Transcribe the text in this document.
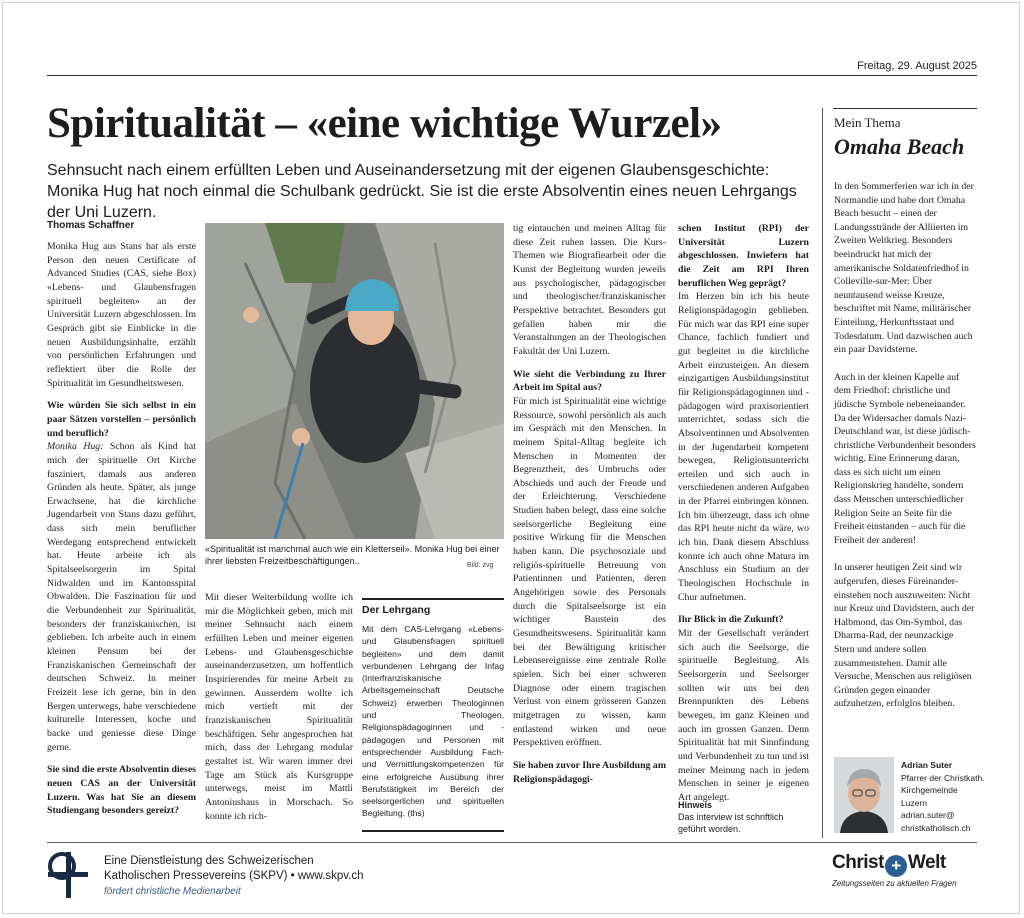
Freitag, 29. August 2025
Spiritualität – «eine wichtige Wurzel»

Sehnsucht nach einem erfüllten Leben und Auseinandersetzung mit der eigenen Glaubensgeschichte: Monika Hug hat noch einmal die Schulbank gedrückt. Sie ist die erste Absolventin eines neuen Lehrgangs der Uni Luzern.

Thomas Schaffner

Monika Hug aus Stans hat als erste Person den neuen Certificate of Advanced Studies (CAS, siehe Box) «Lebens- und Glaubensfragen spirituell begleiten» an der Universität Luzern abgeschlossen. Im Gespräch gibt sie Einblicke in die neuen Ausbildungsinhalte, erzählt von persönlichen Erfahrungen und reflektiert über die Rolle der Spiritualität im Gesundheitswesen.

Wie würden Sie sich selbst in ein paar Sätzen vorstellen – persönlich und beruflich?

Monika Hug: Schon als Kind hat mich der spirituelle Ort Kirche fasziniert, damals aus anderen Gründen als heute. Später, als junge Erwachsene, hat die kirchliche Jugendarbeit von Stans dazu geführt, dass sich mein beruflicher Werdegang entsprechend entwickelt hat. Heute arbeite ich als Spitalseelsorgerin im Spital Nidwalden und im Kantonsspital Obwalden. Die Faszination für und die Verbundenheit zur Spiritualität, besonders der franziskanischen, ist geblieben. Ich arbeite auch in einem kleinen Pensum bei der Franziskanischen Gemeinschaft der deutschen Schweiz. In meiner Freizeit lese ich gerne, bin in den Bergen unterwegs, habe verschiedene kulturelle Interessen, koche und backe und geniesse diese Dinge gerne.

Sie sind die erste Absolventin dieses neuen CAS an der Universität Luzern. Was hat Sie an diesem Studiengang besonders gereizt?

«Spiritualität ist manchmal auch wie ein Kletterseil». Monika Hug bei einer ihrer liebsten Freizeitbeschäftigungen..	Bild: zvg

Mit dieser Weiterbildung wollte ich mir die Möglichkeit geben, mich mit meiner Sehnsucht nach einem erfüllten Leben und meiner eigenen Lebens- und Glaubensgeschichte auseinanderzusetzen, um hoffentlich Inspirierendes für meine Arbeit zu gewinnen. Ausserdem wollte ich mich vertieft mit der franziskanischen Spiritualität beschäftigen. Sehr angesprochen hat mich, dass der Lehrgang modular gestaltet ist. Wir waren immer drei Tage am Stück als Kursgruppe unterwegs, meist im Mattli Antoniushaus in Morschach. So konnte ich rich-

Der Lehrgang

Mit dem CAS-Lehrgang «Lebens- und Glaubensfragen spirituell begleiten» und dem damit verbundenen Lehrgang der Infag (Interfranziskanische Arbeitsgemeinschaft Deutsche Schweiz) erwerben Theologinnen und Theologen, Religionspädagoginnen und -pädagogen und Personen mit entsprechender Ausbildung Fach- und Vermittlungskompetenzen für eine erfolgreiche Ausübung ihrer Berufstätigkeit im Bereich der seelsorgerlichen und spirituellen Begleitung. (ths)

tig eintauchen und meinen Alltag für diese Zeit ruhen lassen. Die Kurs-Themen wie Biografiearbeit oder die Kunst der Begleitung wurden jeweils aus psychologischer, pädagogischer und theologischer/franziskanischer Perspektive betrachtet. Besonders gut gefallen haben mir die Veranstaltungen an der Theologischen Fakultät der Uni Luzern.

Wie sieht die Verbindung zu Ihrer Arbeit im Spital aus?

Für mich ist Spiritualität eine wichtige Ressource, sowohl persönlich als auch im Gespräch mit den Menschen. In meinem Spital-Alltag begleite ich Menschen in Momenten der Begrenztheit, des Umbruchs oder Abschieds und auch der Freude und der Erleichterung. Verschiedene Studien haben belegt, dass eine solche seelsorgerliche Begleitung eine positive Wirkung für die Menschen haben kann. Die psychosoziale und religiös-spirituelle Betreuung von Patientinnen und Patienten, deren Angehörigen sowie des Personals durch die Spitalseelsorge ist ein wichtiger Baustein des Gesundheitswesens. Spiritualität kann bei der Bewältigung kritischer Lebensereignisse eine zentrale Rolle spielen. Sich bei einer schweren Diagnose oder einem tragischen Verlust von einem grösseren Ganzen mitgetragen zu wissen, kann entlastend wirken und neue Perspektiven eröffnen.

Sie haben zuvor Ihre Ausbildung am Religionspädagogi-

schen Institut (RPI) der Universität Luzern abgeschlossen. Inwiefern hat die Zeit am RPI Ihren beruflichen Weg geprägt?

Im Herzen bin ich bis heute Religionspädagogin geblieben. Für mich war das RPI eine super Chance, fachlich fundiert und gut begleitet in die kirchliche Arbeit einzusteigen. An diesem einzigartigen Ausbildungsinstitut für Religionspädagoginnen und -pädagogen wird praxisorientiert unterrichtet, sodass sich die Absolventinnen und Absolventen in der Jugendarbeit kompetent bewegen, Religionsunterricht erteilen und sich auch in verschiedenen anderen Aufgaben in der Pfarrei einbringen können. Ich bin überzeugt, dass ich ohne das RPI heute nicht da wäre, wo ich bin. Dank diesem Abschluss konnte ich auch ohne Matura im Anschluss ein Studium an der Theologischen Hochschule in Chur aufnehmen.

Ihr Blick in die Zukunft?

Mit der Gesellschaft verändert sich auch die Seelsorge, die spirituelle Begleitung. Als Seelsorgerin und Seelsorger sollten wir uns bei den Brennpunkten des Lebens bewegen, im ganz Kleinen und auch im grossen Ganzen. Denn Spiritualität hat mit Sinnfindung und Verbundenheit zu tun und ist meiner Meinung nach in jedem Menschen in seiner je eigenen Art angelegt.

Hinweis
Das interview ist schriftlich geführt worden.
Mein Thema
Omaha Beach

In den Sommerferien war ich in der Normandie und habe dort Omaha Beach besucht – einen der Landungsstrände der Alliierten im Zweiten Weltkrieg. Besonders beeindruckt hat mich der amerikanische Soldatenfriedhof in Colleville-sur-Mer: Über neuntausend weisse Kreuze, beschriftet mit Name, militärischer Einteilung, Herkunftsstaat und Todesdatum. Und dazwischen auch ein paar Davidsterne.

Auch in der kleinen Kapelle auf dem Friedhof: christliche und jüdische Symbole nebeneinander. Da der Widersacher damals Nazi-Deutschland war, ist diese jüdisch-christliche Verbundenheit besonders wichtig. Eine Erinnerung daran, dass es sich nicht um einen Religionskrieg handelte, sondern dass Menschen unterschiedlicher Religion Seite an Seite für die Freiheit einstanden – auch für die Freiheit der anderen!

In unserer heutigen Zeit sind wir aufgerufen, dieses Füreinander-einstehen noch auszuweiten: Nicht nur Kreuz und Davidstern, auch der Halbmond, das Om-Symbol, das Dharma-Rad, der neunzackige Stern und andere sollen zusammenstehen. Damit alle Versuche, Menschen aus religiösen Gründen gegen einander aufzuhetzen, erfolglos bleiben.

Adrian Suter
Pfarrer der Christkath.
Kirchgemeinde
Luzern
adrian.suter@
christkatholisch.ch
Eine Dienstleistung des Schweizerischen
Katholischen Pressevereins (SKPV) • www.skpv.ch
fördert christliche Medienarbeit
Christ + Welt
Zeitungsseiten zu aktuellen Fragen
